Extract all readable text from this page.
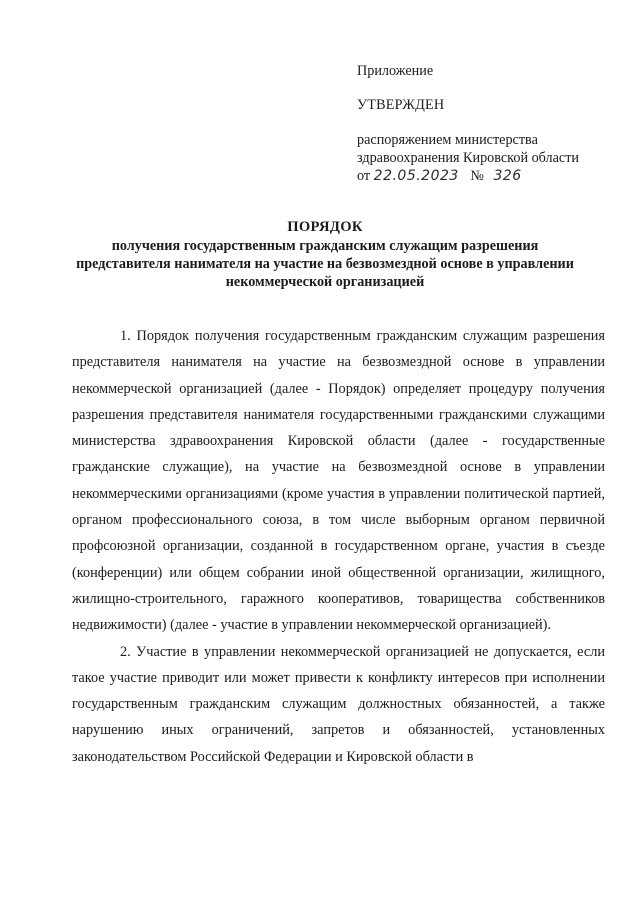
Приложение
УТВЕРЖДЕН
распоряжением министерства
здравоохранения Кировской области
от 22.05.2023 № 326
ПОРЯДОК
получения государственным гражданским служащим разрешения
представителя нанимателя на участие на безвозмездной основе в управлении
некоммерческой организацией

1. Порядок получения государственным гражданским служащим разрешения представителя нанимателя на участие на безвозмездной основе в управлении некоммерческой организацией (далее - Порядок) определяет процедуру получения разрешения представителя нанимателя государственными гражданскими служащими министерства здравоохранения Кировской области (далее - государственные гражданские служащие), на участие на безвозмездной основе в управлении некоммерческими организациями (кроме участия в управлении политической партией, органом профессионального союза, в том числе выборным органом первичной профсоюзной организации, созданной в государственном органе, участия в съезде (конференции) или общем собрании иной общественной организации, жилищного, жилищно-строительного, гаражного кооперативов, товарищества собственников недвижимости) (далее - участие в управлении некоммерческой организацией).

2. Участие в управлении некоммерческой организацией не допускается, если такое участие приводит или может привести к конфликту интересов при исполнении государственным гражданским служащим должностных обязанностей, а также нарушению иных ограничений, запретов и обязанностей, установленных законодательством Российской Федерации и Кировской области в
